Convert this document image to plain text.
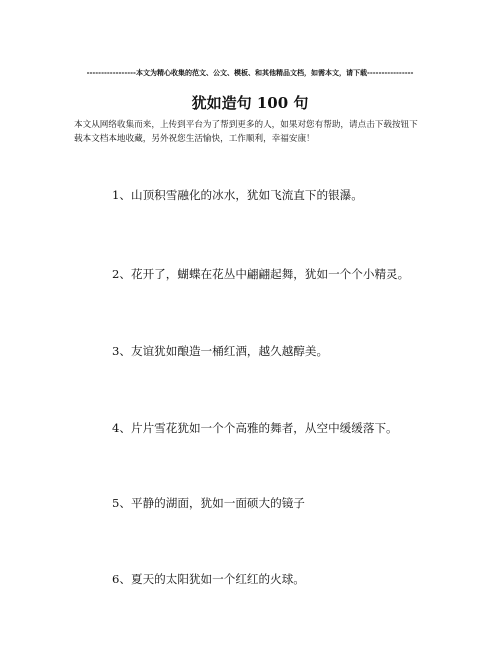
-----------------本文为精心收集的范文、公文、模板、和其他精品文档，如需本文，请下载----------------
犹如造句 100 句
本文从网络收集而来，上传到平台为了帮到更多的人，如果对您有帮助，请点击下载按钮下载本文档本地收藏，另外祝您生活愉快，工作顺利，幸福安康！
1、山顶积雪融化的冰水，犹如飞流直下的银瀑。
2、花开了，蝴蝶在花丛中翩翩起舞，犹如一个个小精灵。
3、友谊犹如酿造一桶红酒，越久越醇美。
4、片片雪花犹如一个个高雅的舞者，从空中缓缓落下。
5、平静的湖面，犹如一面硕大的镜子
6、夏天的太阳犹如一个红红的火球。
